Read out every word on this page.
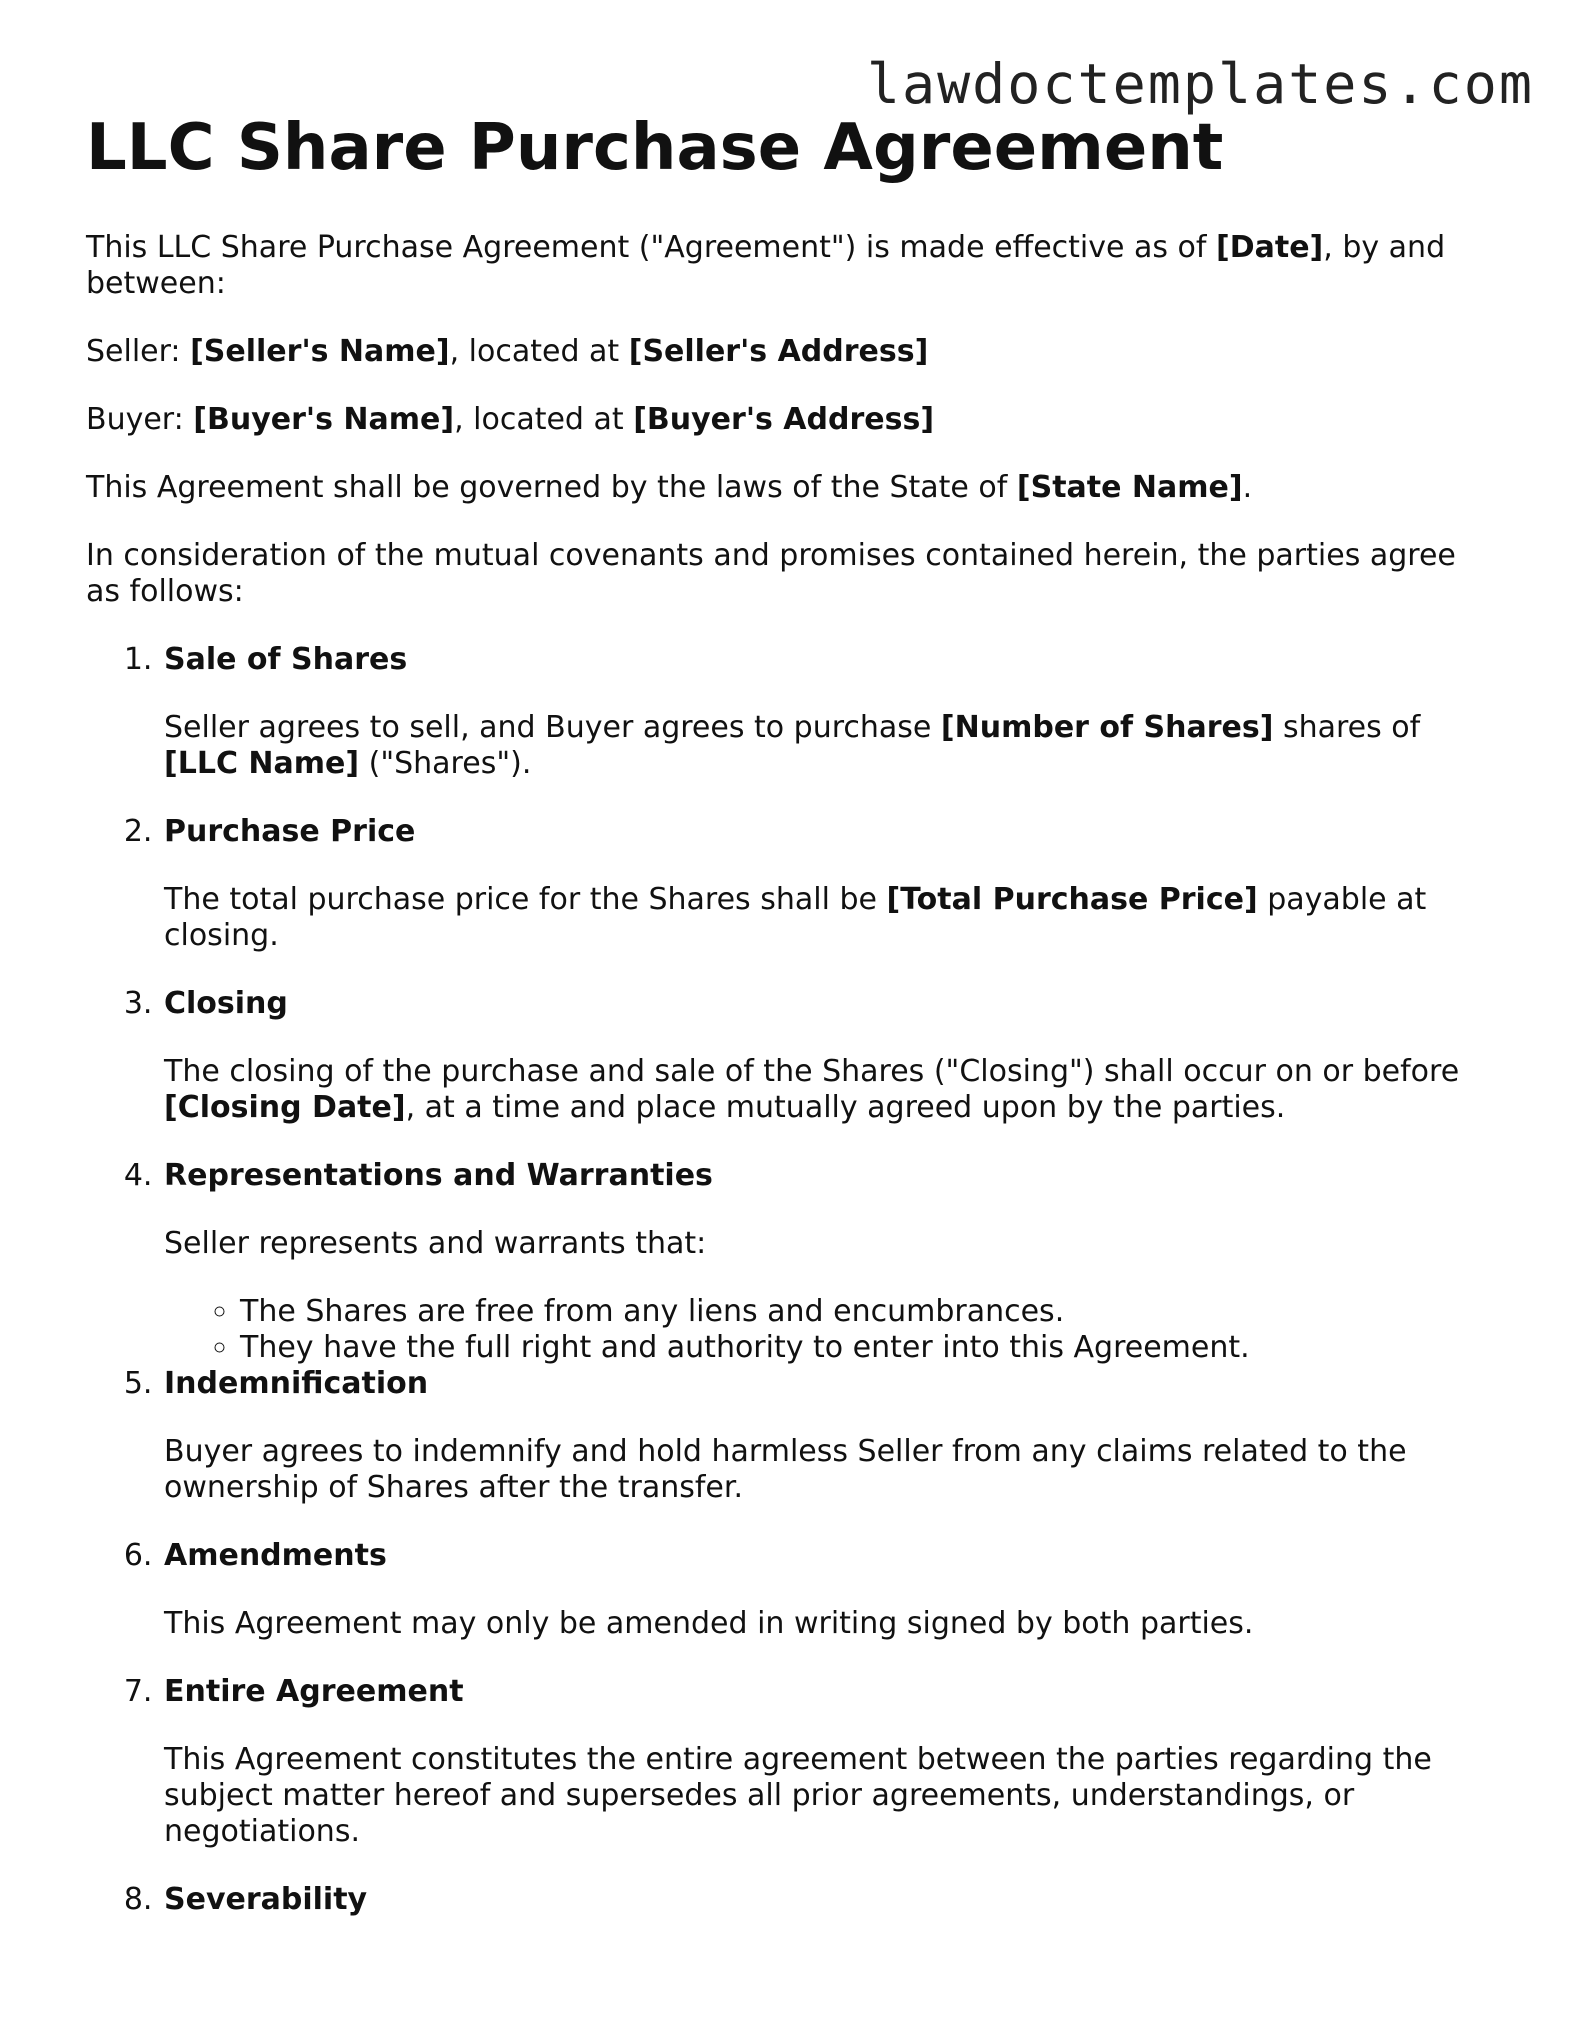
lawdoctemplates.com
LLC Share Purchase Agreement

This LLC Share Purchase Agreement ("Agreement") is made effective as of [Date], by and between:

Seller: [Seller's Name], located at [Seller's Address]

Buyer: [Buyer's Name], located at [Buyer's Address]

This Agreement shall be governed by the laws of the State of [State Name].

In consideration of the mutual covenants and promises contained herein, the parties agree as follows:

1. Sale of Shares

Seller agrees to sell, and Buyer agrees to purchase [Number of Shares] shares of [LLC Name] ("Shares").

2. Purchase Price

The total purchase price for the Shares shall be [Total Purchase Price] payable at closing.

3. Closing

The closing of the purchase and sale of the Shares ("Closing") shall occur on or before [Closing Date], at a time and place mutually agreed upon by the parties.

4. Representations and Warranties

Seller represents and warrants that:

◦ The Shares are free from any liens and encumbrances.
◦ They have the full right and authority to enter into this Agreement.
5. Indemnification

Buyer agrees to indemnify and hold harmless Seller from any claims related to the ownership of Shares after the transfer.

6. Amendments

This Agreement may only be amended in writing signed by both parties.

7. Entire Agreement

This Agreement constitutes the entire agreement between the parties regarding the subject matter hereof and supersedes all prior agreements, understandings, or negotiations.

8. Severability
